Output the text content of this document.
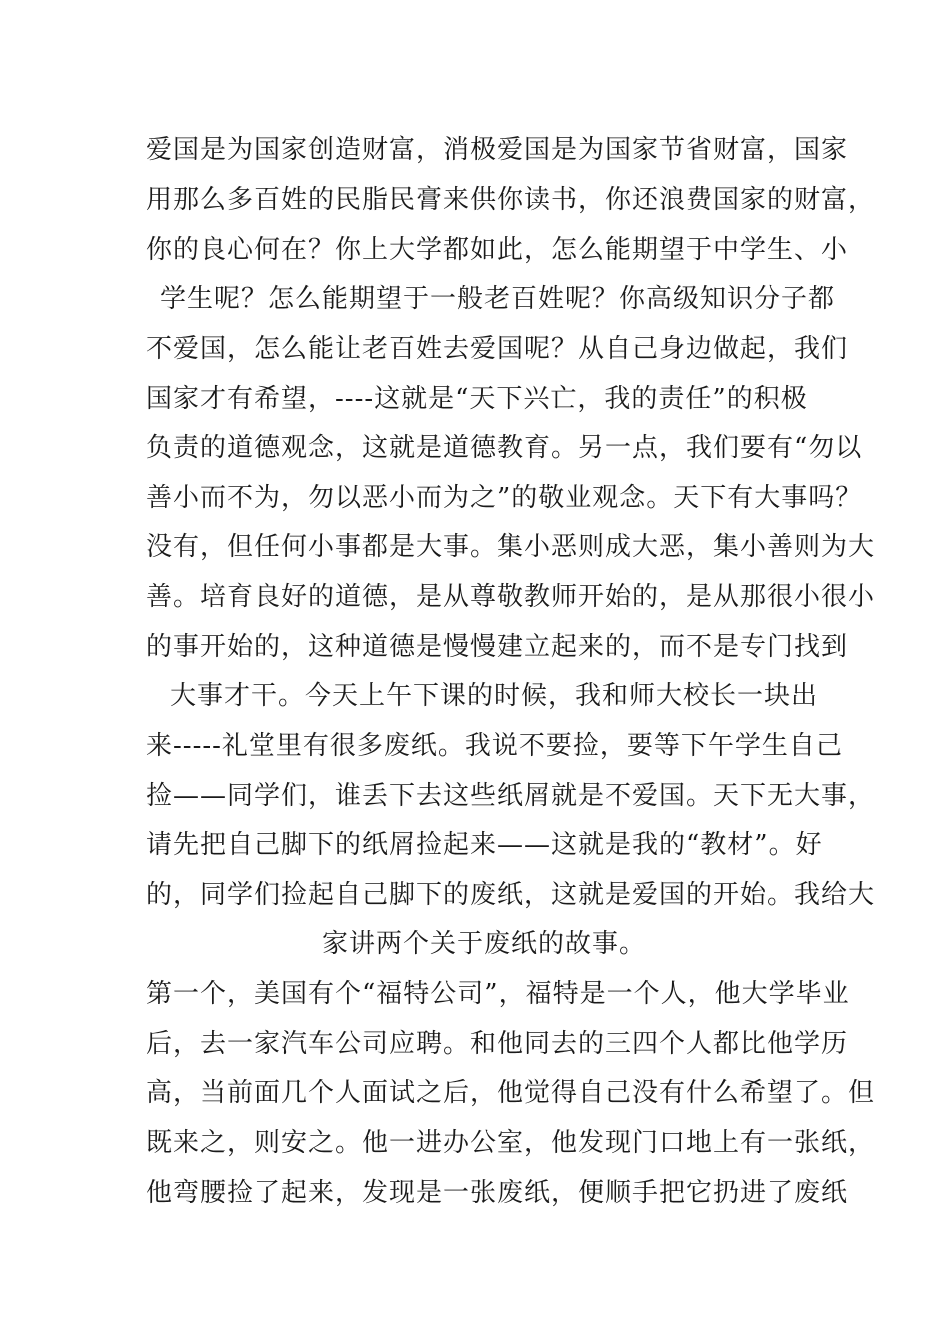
爱国是为国家创造财富，消极爱国是为国家节省财富，国家
用那么多百姓的民脂民膏来供你读书，你还浪费国家的财富，
你的良心何在？你上大学都如此，怎么能期望于中学生、小
学生呢？怎么能期望于一般老百姓呢？你高级知识分子都
不爱国，怎么能让老百姓去爱国呢？从自己身边做起，我们
国家才有希望，----这就是“天下兴亡，我的责任”的积极
负责的道德观念，这就是道德教育。另一点，我们要有“勿以
善小而不为，勿以恶小而为之”的敬业观念。天下有大事吗？
没有，但任何小事都是大事。集小恶则成大恶，集小善则为大
善。培育良好的道德，是从尊敬教师开始的，是从那很小很小
的事开始的，这种道德是慢慢建立起来的，而不是专门找到
大事才干。今天上午下课的时候，我和师大校长一块出
来-----礼堂里有很多废纸。我说不要捡，要等下午学生自己
捡——同学们，谁丢下去这些纸屑就是不爱国。天下无大事，
请先把自己脚下的纸屑捡起来——这就是我的“教材”。好
的，同学们捡起自己脚下的废纸，这就是爱国的开始。我给大
家讲两个关于废纸的故事。
第一个，美国有个“福特公司”，福特是一个人，他大学毕业
后，去一家汽车公司应聘。和他同去的三四个人都比他学历
高，当前面几个人面试之后，他觉得自己没有什么希望了。但
既来之，则安之。他一进办公室，他发现门口地上有一张纸，
他弯腰捡了起来，发现是一张废纸，便顺手把它扔进了废纸
